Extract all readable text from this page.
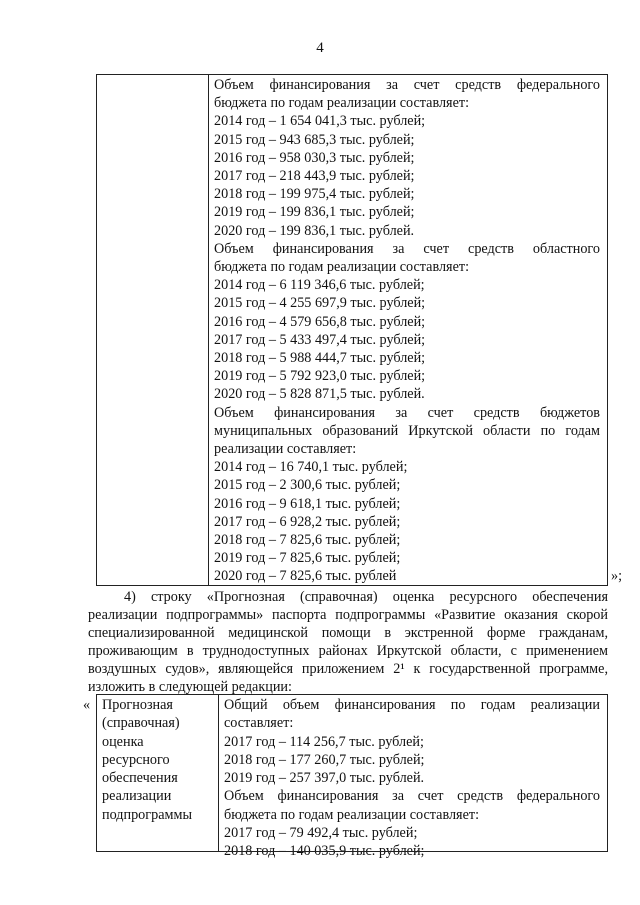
4
Объем финансирования за счет средств федерального
бюджета по годам реализации составляет:
2014 год – 1 654 041,3 тыс. рублей;
2015 год – 943 685,3 тыс. рублей;
2016 год – 958 030,3 тыс. рублей;
2017 год – 218 443,9 тыс. рублей;
2018 год – 199 975,4 тыс. рублей;
2019 год – 199 836,1 тыс. рублей;
2020 год – 199 836,1 тыс. рублей.
Объем финансирования за счет средств областного
бюджета по годам реализации составляет:
2014 год – 6 119 346,6 тыс. рублей;
2015 год – 4 255 697,9 тыс. рублей;
2016 год – 4 579 656,8 тыс. рублей;
2017 год – 5 433 497,4 тыс. рублей;
2018 год – 5 988 444,7 тыс. рублей;
2019 год – 5 792 923,0 тыс. рублей;
2020 год – 5 828 871,5 тыс. рублей.
Объем финансирования за счет средств бюджетов
муниципальных образований Иркутской области по годам
реализации составляет:
2014 год – 16 740,1 тыс. рублей;
2015 год – 2 300,6 тыс. рублей;
2016 год – 9 618,1 тыс. рублей;
2017 год – 6 928,2 тыс. рублей;
2018 год – 7 825,6 тыс. рублей;
2019 год – 7 825,6 тыс. рублей;
2020 год – 7 825,6 тыс. рублей	»;
4) строку «Прогнозная (справочная) оценка ресурсного обеспечения
реализации подпрограммы» паспорта подпрограммы «Развитие оказания скорой
специализированной медицинской помощи в экстренной форме гражданам,
проживающим в труднодоступных районах Иркутской области, с применением
воздушных судов», являющейся приложением 2¹ к государственной программе,
изложить в следующей редакции:
« Прогнозная
(справочная)
оценка
ресурсного
обеспечения
реализации
подпрограммы
Общий объем финансирования по годам реализации
составляет:
2017 год – 114 256,7 тыс. рублей;
2018 год – 177 260,7 тыс. рублей;
2019 год – 257 397,0 тыс. рублей.
Объем финансирования за счет средств федерального
бюджета по годам реализации составляет:
2017 год – 79 492,4 тыс. рублей;
2018 год – 140 035,9 тыс. рублей;
